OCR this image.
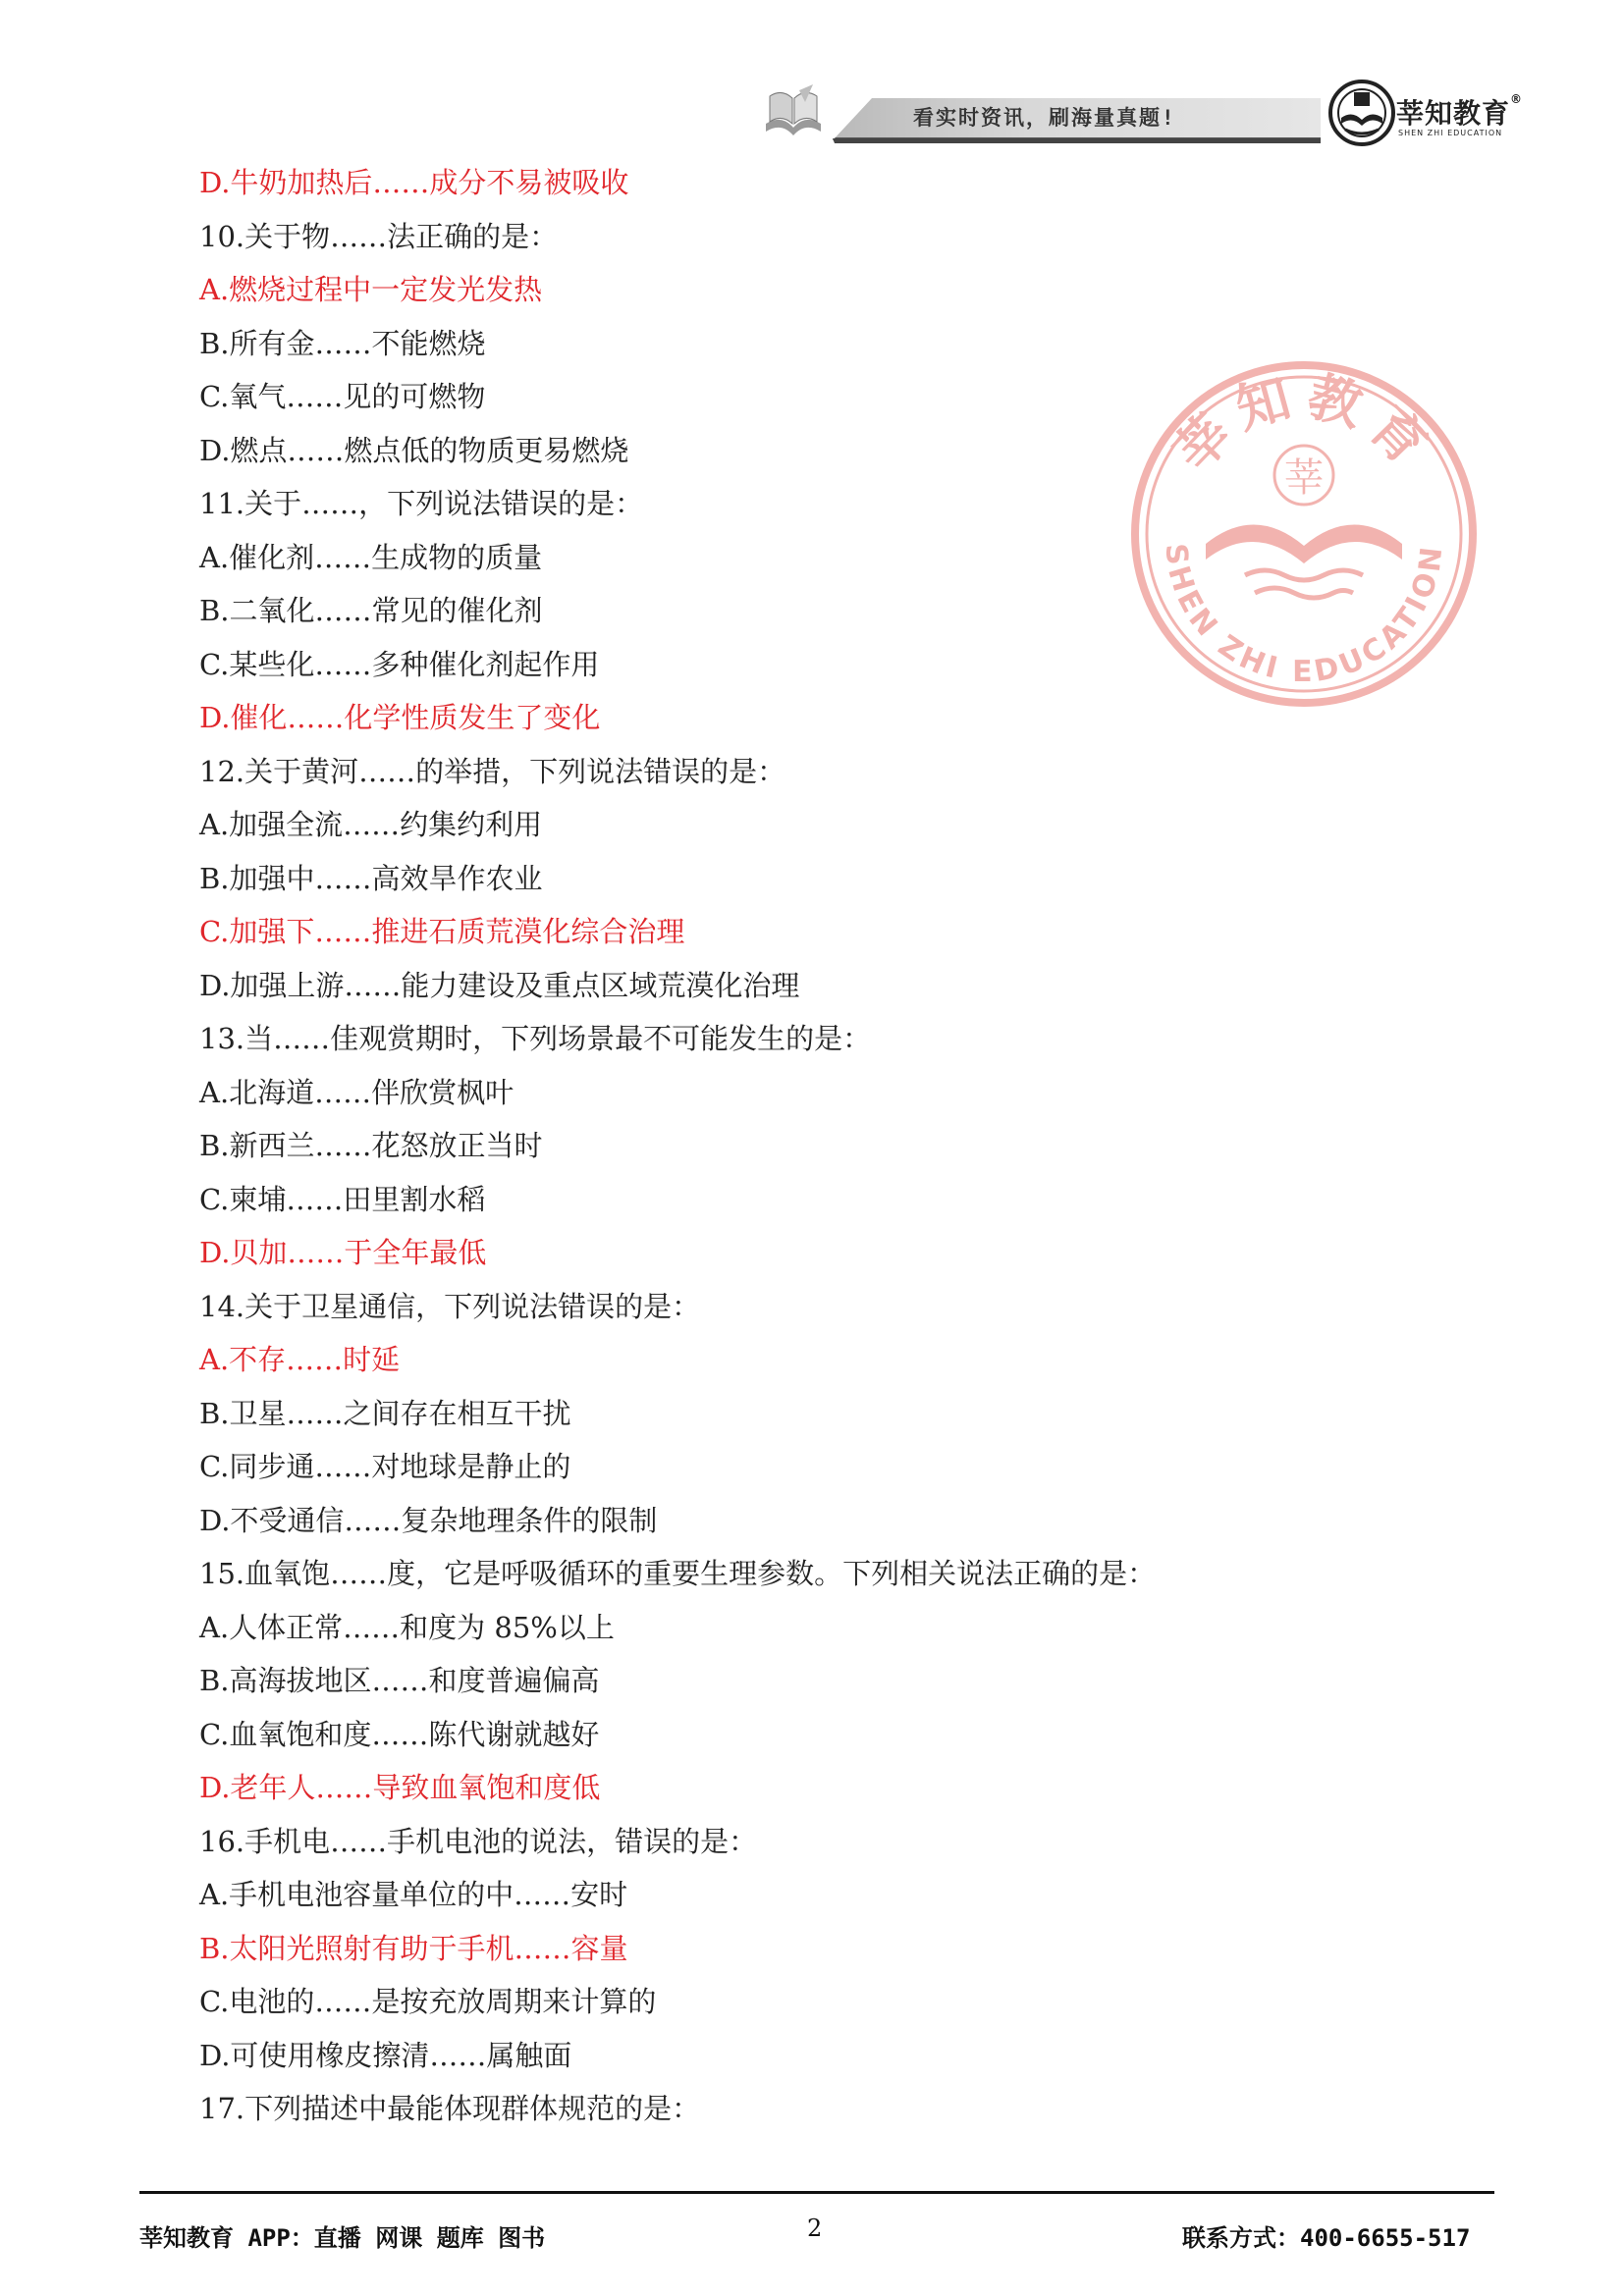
看实时资讯，刷海量真题!	莘知教育®
SHEN ZHI EDUCATION
莘知教育
莘
SHEN ZHI EDUCATION
D.牛奶加热后……成分不易被吸收
10.关于物……法正确的是：
A.燃烧过程中一定发光发热
B.所有金……不能燃烧
C.氧气……见的可燃物
D.燃点……燃点低的物质更易燃烧
11.关于……，下列说法错误的是：
A.催化剂……生成物的质量
B.二氧化……常见的催化剂
C.某些化……多种催化剂起作用
D.催化……化学性质发生了变化
12.关于黄河……的举措，下列说法错误的是：
A.加强全流……约集约利用
B.加强中……高效旱作农业
C.加强下……推进石质荒漠化综合治理
D.加强上游……能力建设及重点区域荒漠化治理
13.当……佳观赏期时，下列场景最不可能发生的是：
A.北海道……伴欣赏枫叶
B.新西兰……花怒放正当时
C.柬埔……田里割水稻
D.贝加……于全年最低
14.关于卫星通信，下列说法错误的是：
A.不存……时延
B.卫星……之间存在相互干扰
C.同步通……对地球是静止的
D.不受通信……复杂地理条件的限制
15.血氧饱……度，它是呼吸循环的重要生理参数。下列相关说法正确的是：
A.人体正常……和度为 85%以上
B.高海拔地区……和度普遍偏高
C.血氧饱和度……陈代谢就越好
D.老年人……导致血氧饱和度低
16.手机电……手机电池的说法，错误的是：
A.手机电池容量单位的中……安时
B.太阳光照射有助于手机……容量
C.电池的……是按充放周期来计算的
D.可使用橡皮擦清……属触面
17.下列描述中最能体现群体规范的是：
莘知教育 APP：直播 网课 题库 图书	2	联系方式：400-6655-517
